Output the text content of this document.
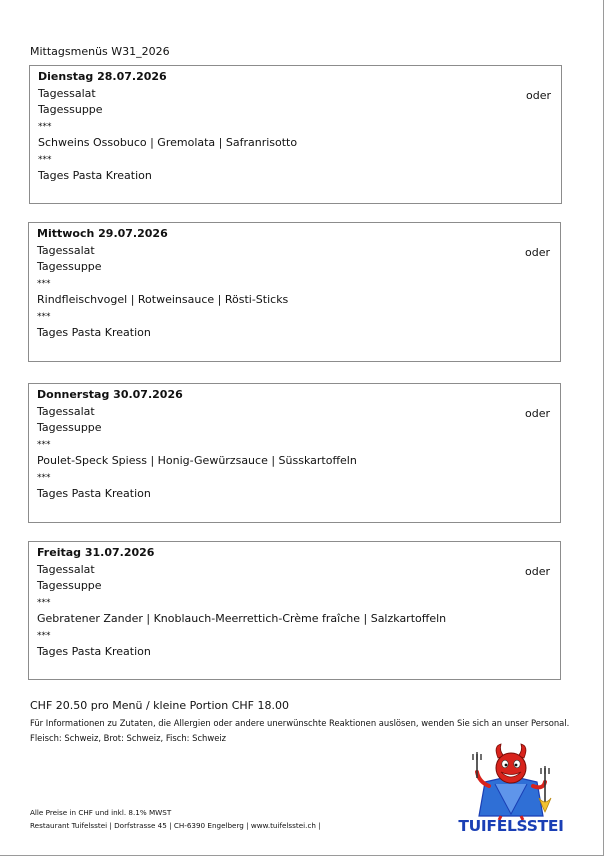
Mittagsmenüs W31_2026
Dienstag 28.07.2026
Tagessalat
Tagessuppe
***
Schweins Ossobuco | Gremolata | Safranrisotto
***
Tages Pasta Kreation
oder
Mittwoch 29.07.2026
Tagessalat
Tagessuppe
***
Rindfleischvogel | Rotweinsauce | Rösti-Sticks
***
Tages Pasta Kreation
oder
Donnerstag 30.07.2026
Tagessalat
Tagessuppe
***
Poulet-Speck Spiess | Honig-Gewürzsauce | Süsskartoffeln
***
Tages Pasta Kreation
oder
Freitag 31.07.2026
Tagessalat
Tagessuppe
***
Gebratener Zander | Knoblauch-Meerrettich-Crème fraîche | Salzkartoffeln
***
Tages Pasta Kreation
oder
CHF 20.50 pro Menü / kleine Portion CHF 18.00
Für Informationen zu Zutaten, die Allergien oder andere unerwünschte Reaktionen auslösen, wenden Sie sich an unser Personal. Fleisch: Schweiz, Brot: Schweiz, Fisch: Schweiz
Alle Preise in CHF und inkl. 8.1% MWST
Restaurant Tuifelsstei | Dorfstrasse 45 | CH-6390 Engelberg | www.tuifelsstei.ch |	TUIFELSSTEI
